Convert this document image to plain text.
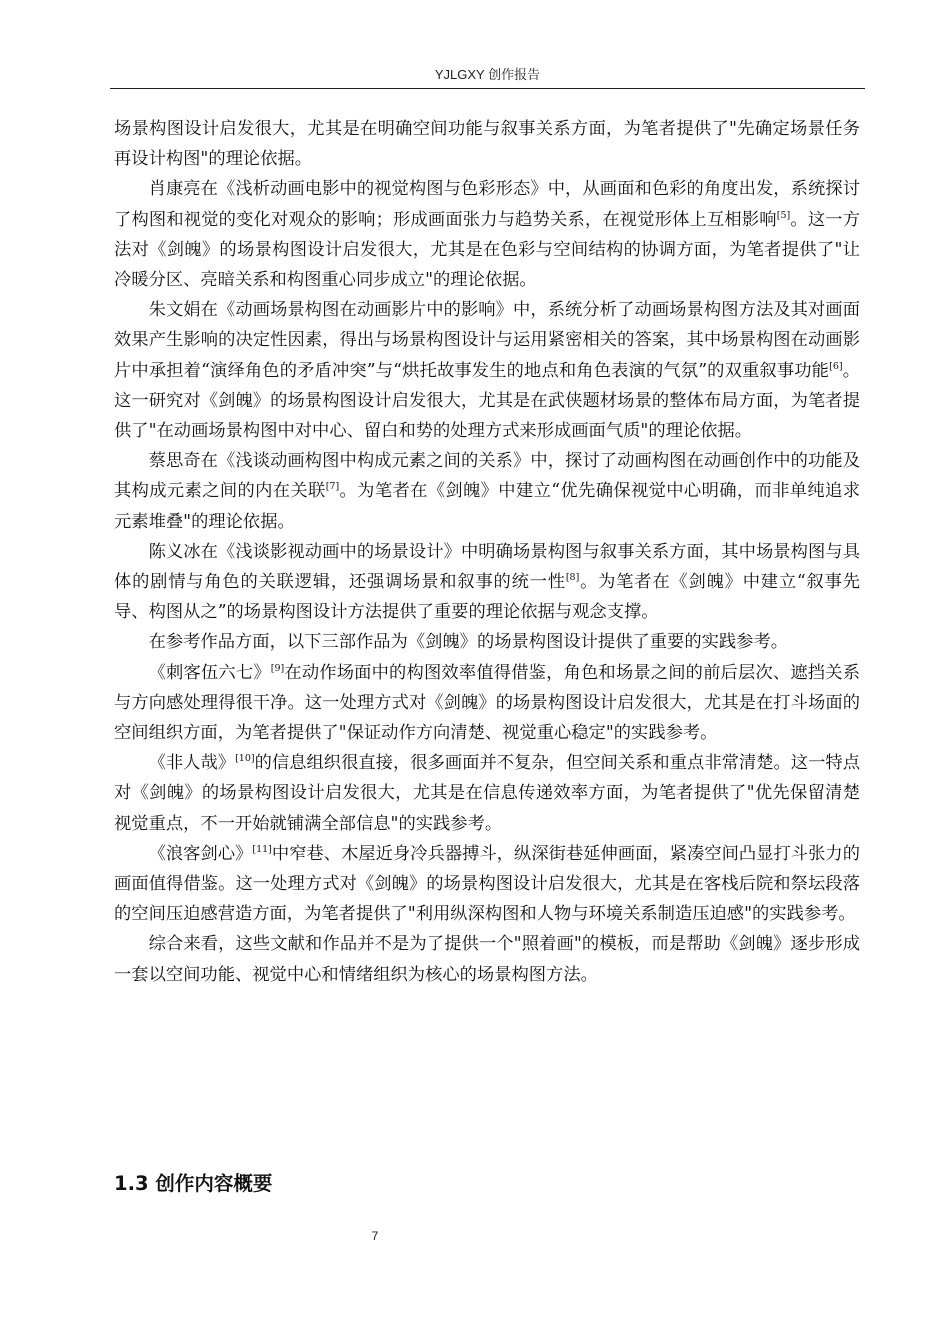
YJLGXY 创作报告

场景构图设计启发很大，尤其是在明确空间功能与叙事关系方面，为笔者提供了"先确定场景任务再设计构图"的理论依据。

肖康亮在《浅析动画电影中的视觉构图与色彩形态》中，从画面和色彩的角度出发，系统探讨了构图和视觉的变化对观众的影响；形成画面张力与趋势关系，在视觉形体上互相影响[5]。这一方法对《剑魄》的场景构图设计启发很大，尤其是在色彩与空间结构的协调方面，为笔者提供了"让冷暖分区、亮暗关系和构图重心同步成立"的理论依据。

朱文娟在《动画场景构图在动画影片中的影响》中，系统分析了动画场景构图方法及其对画面效果产生影响的决定性因素，得出与场景构图设计与运用紧密相关的答案，其中场景构图在动画影片中承担着“演绎角色的矛盾冲突”与“烘托故事发生的地点和角色表演的气氛”的双重叙事功能[6]。这一研究对《剑魄》的场景构图设计启发很大，尤其是在武侠题材场景的整体布局方面，为笔者提供了"在动画场景构图中对中心、留白和势的处理方式来形成画面气质"的理论依据。

蔡思奇在《浅谈动画构图中构成元素之间的关系》中，探讨了动画构图在动画创作中的功能及其构成元素之间的内在关联[7]。为笔者在《剑魄》中建立“优先确保视觉中心明确，而非单纯追求元素堆叠"的理论依据。

陈义冰在《浅谈影视动画中的场景设计》中明确场景构图与叙事关系方面，其中场景构图与具体的剧情与角色的关联逻辑，还强调场景和叙事的统一性[8]。为笔者在《剑魄》中建立“叙事先导、构图从之”的场景构图设计方法提供了重要的理论依据与观念支撑。

在参考作品方面，以下三部作品为《剑魄》的场景构图设计提供了重要的实践参考。

《刺客伍六七》[9]在动作场面中的构图效率值得借鉴，角色和场景之间的前后层次、遮挡关系与方向感处理得很干净。这一处理方式对《剑魄》的场景构图设计启发很大，尤其是在打斗场面的空间组织方面，为笔者提供了"保证动作方向清楚、视觉重心稳定"的实践参考。

《非人哉》[10]的信息组织很直接，很多画面并不复杂，但空间关系和重点非常清楚。这一特点对《剑魄》的场景构图设计启发很大，尤其是在信息传递效率方面，为笔者提供了"优先保留清楚视觉重点，不一开始就铺满全部信息"的实践参考。

《浪客剑心》[11]中窄巷、木屋近身冷兵器搏斗，纵深街巷延伸画面，紧凑空间凸显打斗张力的画面值得借鉴。这一处理方式对《剑魄》的场景构图设计启发很大，尤其是在客栈后院和祭坛段落的空间压迫感营造方面，为笔者提供了"利用纵深构图和人物与环境关系制造压迫感"的实践参考。

综合来看，这些文献和作品并不是为了提供一个"照着画"的模板，而是帮助《剑魄》逐步形成一套以空间功能、视觉中心和情绪组织为核心的场景构图方法。

1.3 创作内容概要
7
